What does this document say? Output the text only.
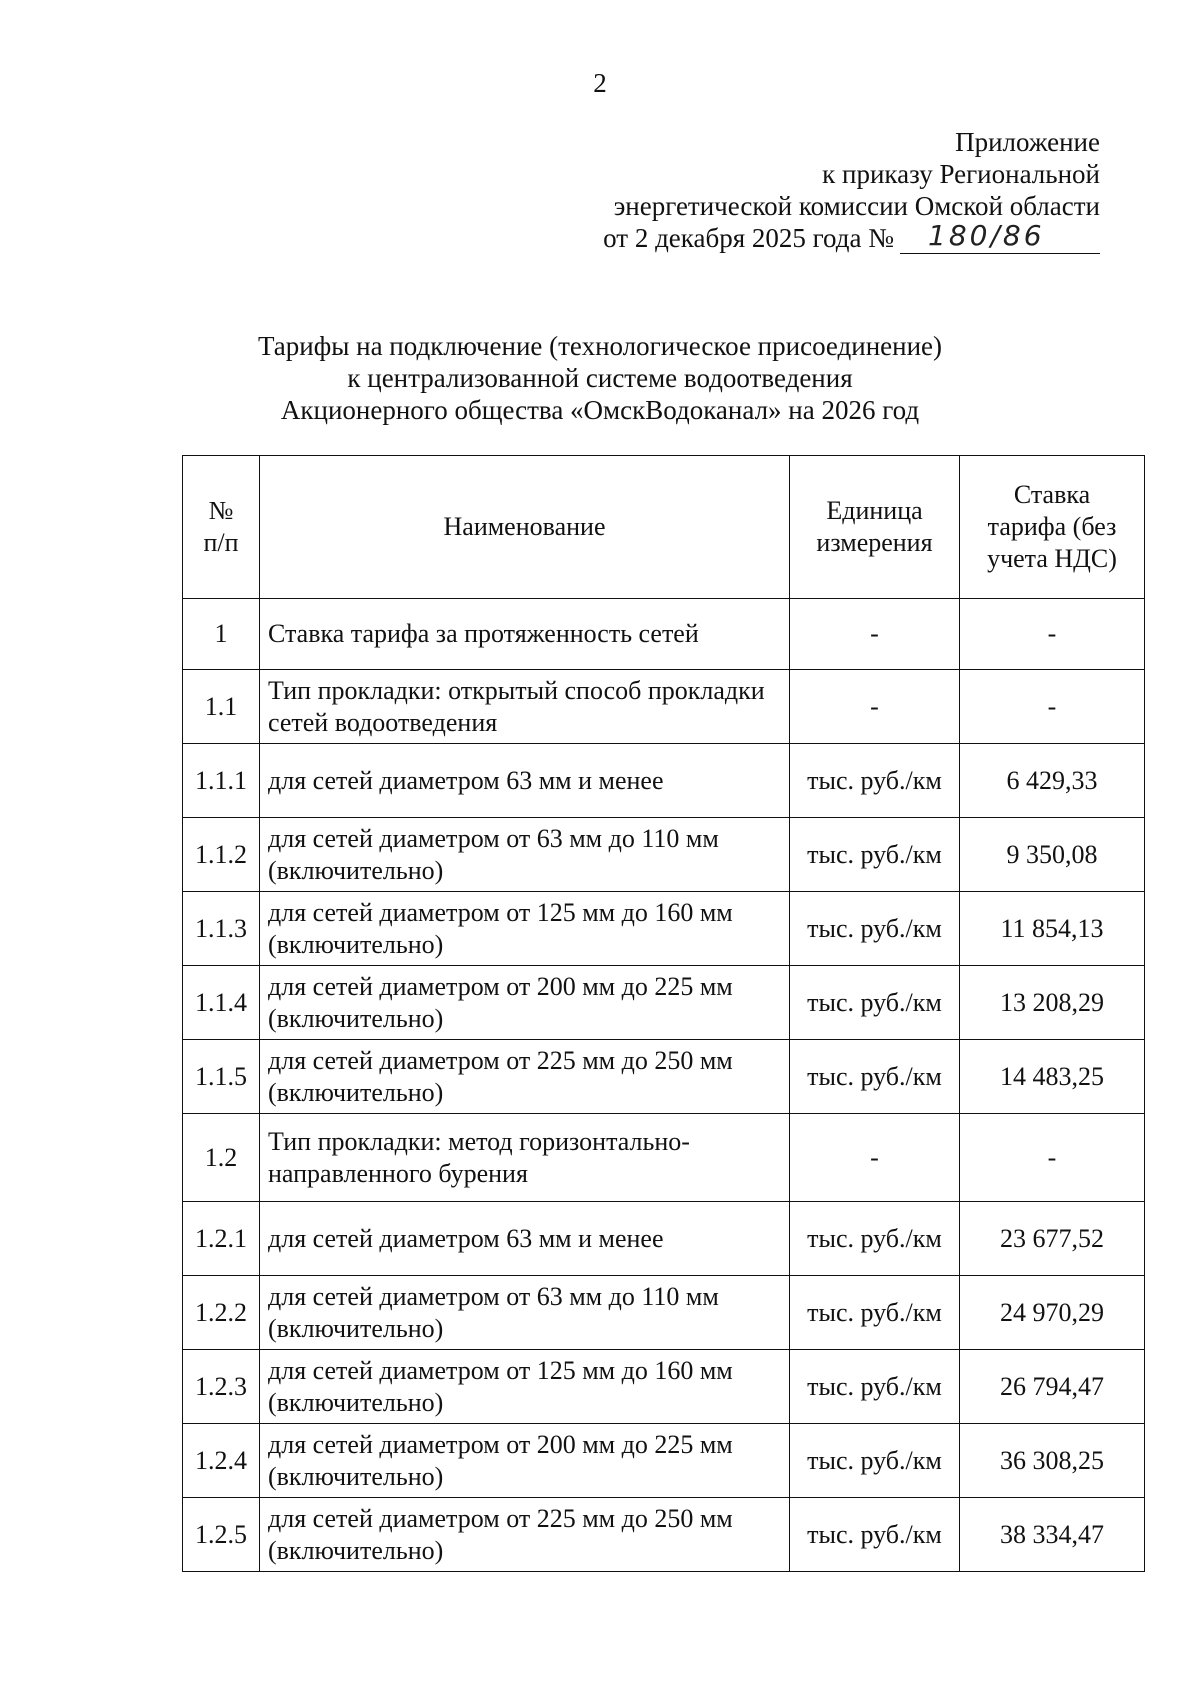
2
Приложение
к приказу Региональной
энергетической комиссии Омской области
от 2 декабря 2025 года № 180/86
Тарифы на подключение (технологическое присоединение)
к централизованной системе водоотведения
Акционерного общества «ОмскВодоканал» на 2026 год
№ п/п	Наименование	Единица измерения	Ставка тарифа (без учета НДС)
1	Ставка тарифа за протяженность сетей	-	-
1.1	Тип прокладки: открытый способ прокладки сетей водоотведения	-	-
1.1.1	для сетей диаметром 63 мм и менее	тыс. руб./км	6 429,33
1.1.2	для сетей диаметром от 63 мм до 110 мм (включительно)	тыс. руб./км	9 350,08
1.1.3	для сетей диаметром от 125 мм до 160 мм (включительно)	тыс. руб./км	11 854,13
1.1.4	для сетей диаметром от 200 мм до 225 мм (включительно)	тыс. руб./км	13 208,29
1.1.5	для сетей диаметром от 225 мм до 250 мм (включительно)	тыс. руб./км	14 483,25
1.2	Тип прокладки: метод горизонтально-направленного бурения	-	-
1.2.1	для сетей диаметром 63 мм и менее	тыс. руб./км	23 677,52
1.2.2	для сетей диаметром от 63 мм до 110 мм (включительно)	тыс. руб./км	24 970,29
1.2.3	для сетей диаметром от 125 мм до 160 мм (включительно)	тыс. руб./км	26 794,47
1.2.4	для сетей диаметром от 200 мм до 225 мм (включительно)	тыс. руб./км	36 308,25
1.2.5	для сетей диаметром от 225 мм до 250 мм (включительно)	тыс. руб./км	38 334,47
